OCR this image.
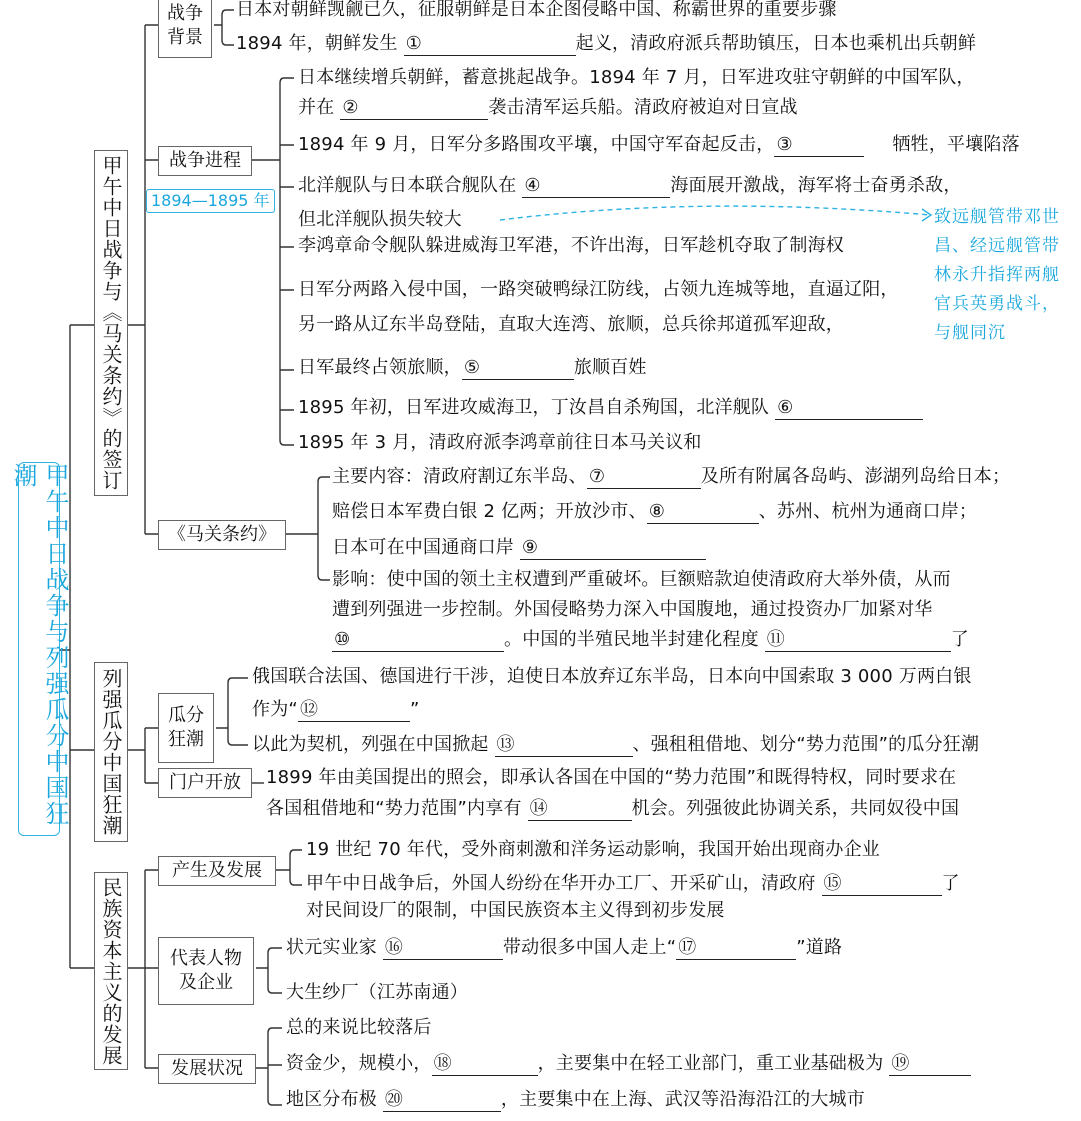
甲午中日战争与列强瓜分中国狂潮	甲午中日战争与《马关条约》的签订
列强瓜分中国狂潮
民族资本主义的发展
战争背景
日本对朝鲜觊觎已久，征服朝鲜是日本企图侵略中国、称霸世界的重要步骤
1894 年，朝鲜发生 ①	起义，清政府派兵帮助镇压，日本也乘机出兵朝鲜
战争进程
1894—1895 年
日本继续增兵朝鲜，蓄意挑起战争。1894 年 7 月，日军进攻驻守朝鲜的中国军队，
并在 ②	袭击清军运兵船。清政府被迫对日宣战
1894 年 9 月，日军分多路围攻平壤，中国守军奋起反击， ③	牺牲，平壤陷落
北洋舰队与日本联合舰队在 ④	海面展开激战，海军将士奋勇杀敌，
但北洋舰队损失较大	致远舰管带邓世昌、经远舰管带林永升指挥两舰官兵英勇战斗，与舰同沉
李鸿章命令舰队躲进威海卫军港，不许出海，日军趁机夺取了制海权
日军分两路入侵中国，一路突破鸭绿江防线，占领九连城等地，直逼辽阳，
另一路从辽东半岛登陆，直取大连湾、旅顺，总兵徐邦道孤军迎敌，
日军最终占领旅顺， ⑤	旅顺百姓
1895 年初，日军进攻威海卫，丁汝昌自杀殉国，北洋舰队 ⑥
1895 年 3 月，清政府派李鸿章前往日本马关议和
《马关条约》
主要内容：清政府割辽东半岛、 ⑦	及所有附属各岛屿、澎湖列岛给日本；
赔偿日本军费白银 2 亿两；开放沙市、 ⑧	、苏州、杭州为通商口岸；
日本可在中国通商口岸 ⑨
影响：使中国的领土主权遭到严重破坏。巨额赔款迫使清政府大举外债，从而
遭到列强进一步控制。外国侵略势力深入中国腹地，通过投资办厂加紧对华
⑩	。中国的半殖民地半封建化程度 ⑪	了
瓜分狂潮
俄国联合法国、德国进行干涉，迫使日本放弃辽东半岛，日本向中国索取 3 000 万两白银
作为“ ⑫	”
以此为契机，列强在中国掀起 ⑬	、强租租借地、划分“势力范围”的瓜分狂潮
门户开放 1899 年由美国提出的照会，即承认各国在中国的“势力范围”和既得特权，同时要求在
各国租借地和“势力范围”内享有 ⑭	机会。列强彼此协调关系，共同奴役中国
产生及发展
19 世纪 70 年代，受外商刺激和洋务运动影响，我国开始出现商办企业
甲午中日战争后，外国人纷纷在华开办工厂、开采矿山，清政府 ⑮	了
对民间设厂的限制，中国民族资本主义得到初步发展
代表人物及企业
状元实业家 ⑯	带动很多中国人走上“ ⑰	”道路
大生纱厂（江苏南通）
发展状况
总的来说比较落后
资金少，规模小， ⑱	，主要集中在轻工业部门，重工业基础极为 ⑲
地区分布极 ⑳	，主要集中在上海、武汉等沿海沿江的大城市
